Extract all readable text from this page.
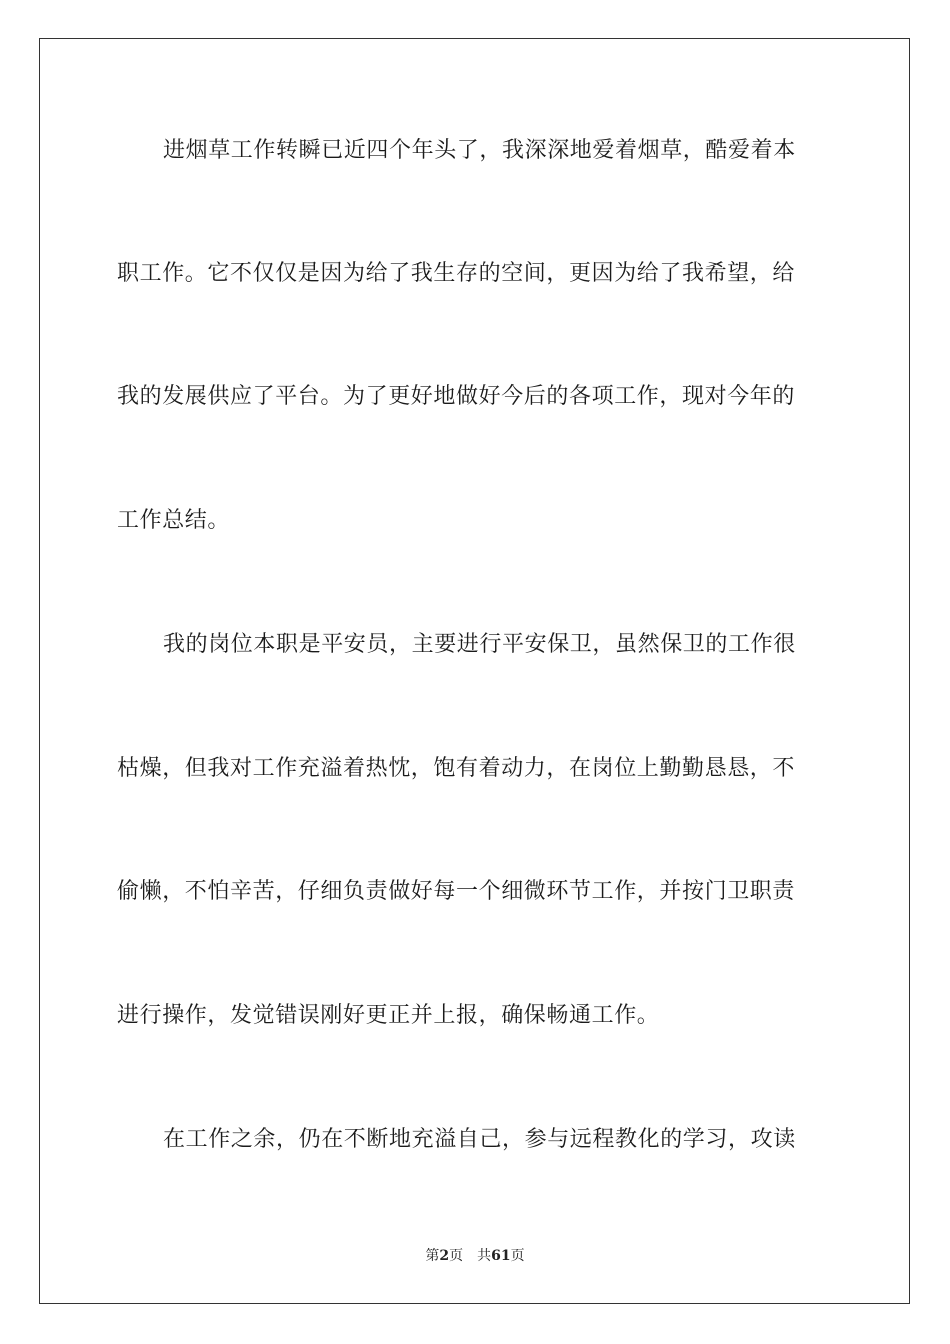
进烟草工作转瞬已近四个年头了，我深深地爱着烟草，酷爱着本
职工作。它不仅仅是因为给了我生存的空间，更因为给了我希望，给
我的发展供应了平台。为了更好地做好今后的各项工作，现对今年的
工作总结。
我的岗位本职是平安员，主要进行平安保卫，虽然保卫的工作很
枯燥，但我对工作充溢着热忱，饱有着动力，在岗位上勤勤恳恳，不
偷懒，不怕辛苦，仔细负责做好每一个细微环节工作，并按门卫职责
进行操作，发觉错误刚好更正并上报，确保畅通工作。
在工作之余，仍在不断地充溢自己，参与远程教化的学习，攻读
第2页 共61页
